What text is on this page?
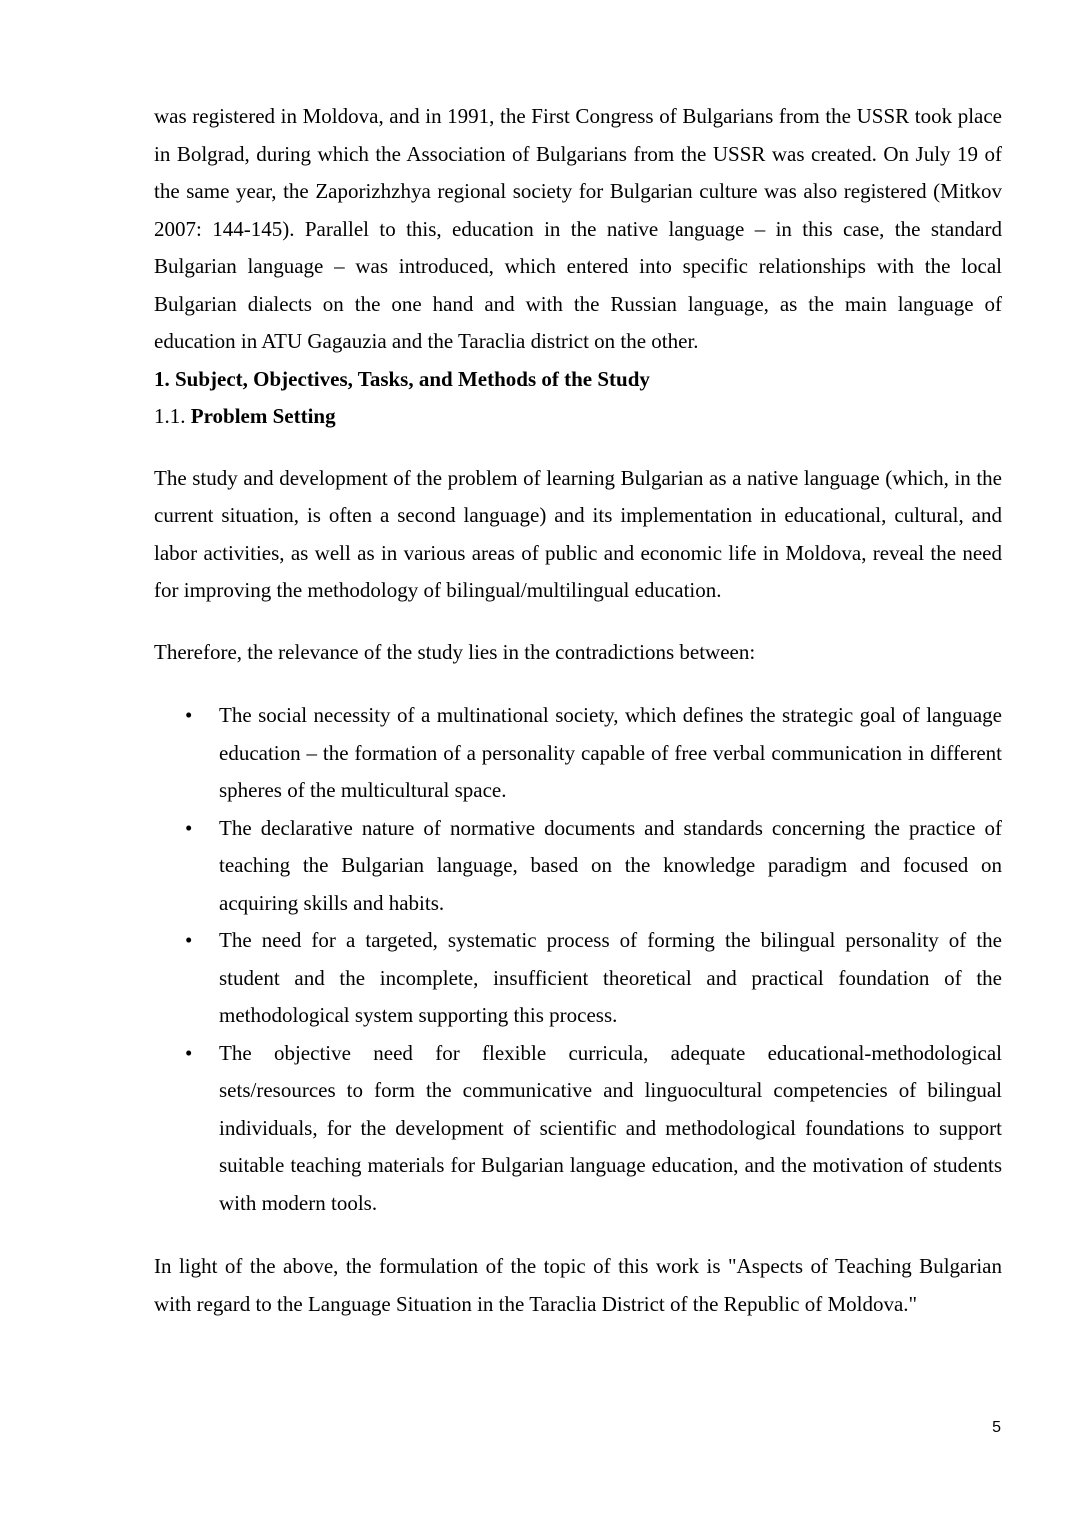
was registered in Moldova, and in 1991, the First Congress of Bulgarians from the USSR took place in Bolgrad, during which the Association of Bulgarians from the USSR was created. On July 19 of the same year, the Zaporizhzhya regional society for Bulgarian culture was also registered (Mitkov 2007: 144-145). Parallel to this, education in the native language – in this case, the standard Bulgarian language – was introduced, which entered into specific relationships with the local Bulgarian dialects on the one hand and with the Russian language, as the main language of education in ATU Gagauzia and the Taraclia district on the other.

1. Subject, Objectives, Tasks, and Methods of the Study

1.1. Problem Setting

The study and development of the problem of learning Bulgarian as a native language (which, in the current situation, is often a second language) and its implementation in educational, cultural, and labor activities, as well as in various areas of public and economic life in Moldova, reveal the need for improving the methodology of bilingual/multilingual education.

Therefore, the relevance of the study lies in the contradictions between:

• The social necessity of a multinational society, which defines the strategic goal of language education – the formation of a personality capable of free verbal communication in different spheres of the multicultural space.
• The declarative nature of normative documents and standards concerning the practice of teaching the Bulgarian language, based on the knowledge paradigm and focused on acquiring skills and habits.
• The need for a targeted, systematic process of forming the bilingual personality of the student and the incomplete, insufficient theoretical and practical foundation of the methodological system supporting this process.
• The objective need for flexible curricula, adequate educational-methodological sets/resources to form the communicative and linguocultural competencies of bilingual individuals, for the development of scientific and methodological foundations to support suitable teaching materials for Bulgarian language education, and the motivation of students with modern tools.

In light of the above, the formulation of the topic of this work is "Aspects of Teaching Bulgarian with regard to the Language Situation in the Taraclia District of the Republic of Moldova."

5
